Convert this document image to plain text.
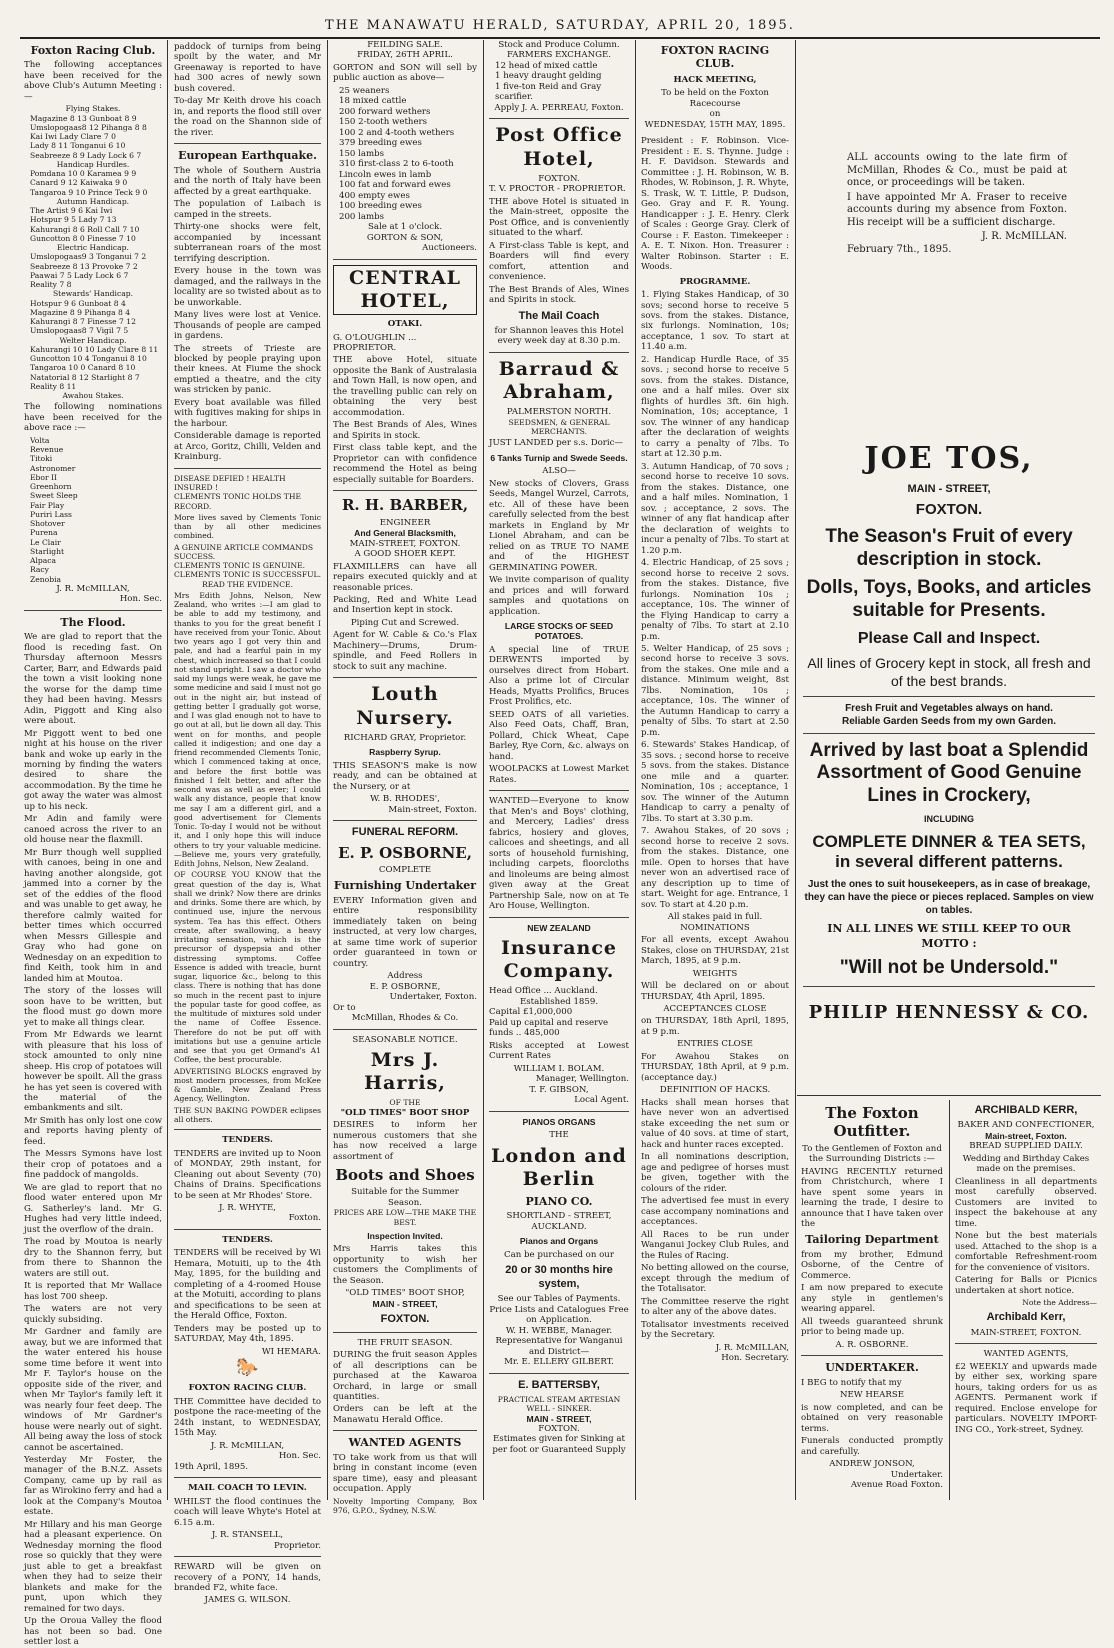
THE MANAWATU HERALD, SATURDAY, APRIL 20, 1895.
Foxton Racing Club.

The following acceptances have been received for the above Club's Autumn Meeting :—

Flying Stakes.
Magazine 8 13 Gunboat 8 9
Umslopogaas8 12 Pihanga 8 8
Kai Iwi Lady Clare 7 0
Lady 8 11 Tonganui 6 10
Seabreeze 8 9 Lady Lock 6 7
Handicap Hurdles.
Pomdana 10 0 Karamea 9 9
Canard 9 12 Kaiwaka 9 0
Tangaroa 9 10 Prince Teck 9 0
Autumn Handicap.
The Artist 9 6 Kai Iwi
Hotspur 9 5 Lady 7 13
Kahurangi 8 6 Roll Call 7 10
Guncotton 8 0 Finesse 7 10
Electric Handicap.
Umslopogaas9 3 Tonganui 7 2
Seabreeze 8 13 Provoke 7 2
Paawai 7 5 Lady Lock 6 7
Reality 7 8
Stewards' Handicap.
Hotspur 9 6 Gunboat 8 4
Magazine 8 9 Pihanga 8 4
Kahurangi 8 7 Finesse 7 12
Umslopogaas8 7 Vigil 7 5
Welter Handicap.
Kahurangi 10 10 Lady Clare 8 11
Guncotton 10 4 Tonganui 8 10
Tangaroa 10 0 Canard 8 10
Natatorial 8 12 Starlight 8 7
Reality 8 11
Awahou Stakes.

The following nominations have been received for the above race :—

Volta
Revenue
Titoki
Astronomer
Ebor II
Greenhorn
Sweet Sleep
Fair Play
Puriri Lass
Shotover
Purena
Le Clair
Starlight
Alpaca
Racy
Zenobia
J. R. McMILLAN,
Hon. Sec.
The Flood.

We are glad to report that the flood is receding fast. On Thursday afternoon Messrs Carter, Barr, and Edwards paid the town a visit looking none the worse for the damp time they had been having. Messrs Adin, Piggott and King also were about.

Mr Piggott went to bed one night at his house on the river bank and woke up early in the morning by finding the waters desired to share the accommodation. By the time he got away the water was almost up to his neck.

Mr Adin and family were canoed across the river to an old house near the flaxmill.

Mr Burr though well supplied with canoes, being in one and having another alongside, got jammed into a corner by the set of the eddies of the flood and was unable to get away, he therefore calmly waited for better times which occurred when Messrs Gillespie and Gray who had gone on Wednesday on an expedition to find Keith, took him in and landed him at Moutoa.

The story of the losses will soon have to be written, but the flood must go down more yet to make all things clear.

From Mr Edwards we learnt with pleasure that his loss of stock amounted to only nine sheep. His crop of potatoes will however be spoilt. All the grass he has yet seen is covered with the material of the embankments and silt.

Mr Smith has only lost one cow and reports having plenty of feed.

The Messrs Symons have lost their crop of potatoes and a fine paddock of mangolds.

We are glad to report that no flood water entered upon Mr G. Satherley's land. Mr G. Hughes had very little indeed, just the overflow of the drain.

The road by Moutoa is nearly dry to the Shannon ferry, but from there to Shannon the waters are still out.

It is reported that Mr Wallace has lost 700 sheep.

The waters are not very quickly subsiding.

Mr Gardner and family are away, but we are informed that the water entered his house some time before it went into Mr F. Taylor's house on the opposite side of the river, and when Mr Taylor's family left it was nearly four feet deep. The windows of Mr Gardner's house were nearly out of sight. All being away the loss of stock cannot be ascertained.

Yesterday Mr Foster, the manager of the B.N.Z. Assets Company, came up by rail as far as Wirokino ferry and had a look at the Company's Moutoa estate.

Mr Hillary and his man George had a pleasant experience. On Wednesday morning the flood rose so quickly that they were just able to get a breakfast when they had to seize their blankets and make for the punt, upon which they remained for two days.

Up the Oroua Valley the flood has not been so bad. One settler lost a

paddock of turnips from being spoilt by the water, and Mr Greenaway is reported to have had 300 acres of newly sown bush covered.

To-day Mr Keith drove his coach in, and reports the flood still over the road on the Shannon side of the river.

European Earthquake.

The whole of Southern Austria and the north of Italy have been affected by a great earthquake.

The population of Laibach is camped in the streets.

Thirty-one shocks were felt, accompanied by incessant subterranean roars of the most terrifying description.

Every house in the town was damaged, and the railways in the locality are so twisted about as to be unworkable.

Many lives were lost at Venice. Thousands of people are camped in gardens.

The streets of Trieste are blocked by people praying upon their knees. At Fiume the shock emptied a theatre, and the city was stricken by panic.

Every boat available was filled with fugitives making for ships in the harbour.

Considerable damage is reported at Arco, Goritz, Chilli, Velden and Krainburg.

DISEASE DEFIED ! HEALTH INSURED !
CLEMENTS TONIC HOLDS THE RECORD.

More lives saved by Clements Tonic than by all other medicines combined.

A GENUINE ARTICLE COMMANDS SUCCESS.
CLEMENTS TONIC IS GENUINE. CLEMENTS TONIC IS SUCCESSFUL.
READ THE EVIDENCE.

Mrs Edith Johns, Nelson, New Zealand, who writes :—I am glad to be able to add my testimony, and thanks to you for the great benefit I have received from your Tonic. About two years ago I got very thin and pale, and had a fearful pain in my chest, which increased so that I could not stand upright. I saw a doctor who said my lungs were weak, he gave me some medicine and said I must not go out in the night air, but instead of getting better I gradually got worse, and I was glad enough not to have to go out at all, but lie down all day. This went on for months, and people called it indigestion; and one day a friend recommended Clements Tonic, which I commenced taking at once, and before the first bottle was finished I felt better, and after the second was as well as ever; I could walk any distance, people that know me say I am a different girl, and a good advertisement for Clements Tonic. To-day I would not be without it, and I only hope this will induce others to try your valuable medicine.—Believe me, yours very gratefully, Edith Johns, Nelson, New Zealand.

OF COURSE YOU KNOW that the great question of the day is, What shall we drink? Now there are drinks and drinks. Some there are which, by continued use, injure the nervous system. Tea has this effect. Others create, after swallowing, a heavy irritating sensation, which is the precursor of dyspepsia and other distressing symptoms. Coffee Essence is added with treacle, burnt sugar, liquorice &c., belong to this class. There is nothing that has done so much in the recent past to injure the popular taste for good coffee, as the multitude of mixtures sold under the name of Coffee Essence. Therefore do not be put off with imitations but use a genuine article and see that you get Ormand's A1 Coffee, the best procurable.

ADVERTISING BLOCKS engraved by most modern processes, from McKee & Gamble, New Zealand Press Agency, Wellington.

THE SUN BAKING POWDER eclipses all others.

TENDERS.

TENDERS are invited up to Noon of MONDAY, 29th instant, for Cleaning out about Seventy (70) Chains of Drains. Specifications to be seen at Mr Rhodes' Store.

J. R. WHYTE,
Foxton.
TENDERS.

TENDERS will be received by Wi Hemara, Motuiti, up to the 4th May, 1895, for the building and completing of a 4-roomed House at the Motuiti, according to plans and specifications to be seen at the Herald Office, Foxton.

Tenders may be posted up to SATURDAY, May 4th, 1895.

WI HEMARA.
🐎
FOXTON RACING CLUB.

THE Committee have decided to postpone the race-meeting of the 24th instant, to WEDNESDAY, 15th May.

J. R. McMILLAN,
Hon. Sec.
19th April, 1895.
MAIL COACH TO LEVIN.

WHILST the flood continues the coach will leave Whyte's Hotel at 6.15 a.m.

J. R. STANSELL,
Proprietor.

REWARD will be given on recovery of a PONY, 14 hands, branded F2, white face.

JAMES G. WILSON.
FEILDING SALE.
FRIDAY, 26TH APRIL.

GORTON and SON will sell by public auction as above—

25 weaners
18 mixed cattle
200 forward wethers
150 2-tooth wethers
100 2 and 4-tooth wethers
379 breeding ewes
150 lambs
310 first-class 2 to 6-tooth Lincoln ewes in lamb
100 fat and forward ewes
400 empty ewes
100 breeding ewes
200 lambs
Sale at 1 o'clock.
GORTON & SON,
Auctioneers.
CENTRAL HOTEL,
OTAKI.
G. O'LOUGHLIN ... PROPRIETOR.

THE above Hotel, situate opposite the Bank of Australasia and Town Hall, is now open, and the travelling public can rely on obtaining the very best accommodation.

The Best Brands of Ales, Wines and Spirits in stock.

First class table kept, and the Proprietor can with confidence recommend the Hotel as being especially suitable for Boarders.

R. H. BARBER,
ENGINEER
And General Blacksmith,
MAIN-STREET, FOXTON.
A GOOD SHOER KEPT.

FLAXMILLERS can have all repairs executed quickly and at reasonable prices.

Packing, Red and White Lead and Insertion kept in stock.

Piping Cut and Screwed.

Agent for W. Cable & Co.'s Flax Machinery—Drums, Drum-spindle, and Feed Rollers in stock to suit any machine.

Louth Nursery.
RICHARD GRAY, Proprietor.
Raspberry Syrup.

THIS SEASON'S make is now ready, and can be obtained at the Nursery, or at

W. B. RHODES',
Main-street, Foxton.
FUNERAL REFORM.
E. P. OSBORNE,
COMPLETE
Furnishing Undertaker

EVERY Information given and entire responsibility immediately taken on being instructed, at very low charges, at same time work of superior order guaranteed in town or country.

Address
E. P. OSBORNE,
Undertaker, Foxton.
Or to
McMillan, Rhodes & Co.
SEASONABLE NOTICE.
Mrs J. Harris,
OF THE
"OLD TIMES" BOOT SHOP

DESIRES to inform her numerous customers that she has now received a large assortment of

Boots and Shoes
Suitable for the Summer Season.
PRICES ARE LOW—THE MAKE THE BEST.
Inspection Invited.

Mrs Harris takes this opportunity to wish her customers the Compliments of the Season.

"OLD TIMES" BOOT SHOP,
MAIN - STREET,
FOXTON.
THE FRUIT SEASON.

DURING the fruit season Apples of all descriptions can be purchased at the Kawaroa Orchard, in large or small quantities.

Orders can be left at the Manawatu Herald Office.

WANTED AGENTS

TO take work from us that will bring in constant income (even spare time), easy and pleasant occupation. Apply

Novelty Importing Company, Box 976, G.P.O., Sydney, N.S.W.

Stock and Produce Column.
FARMERS EXCHANGE.
12 head of mixed cattle
1 heavy draught gelding
1 five-ton Reid and Gray scarifier.
Apply J. A. PERREAU, Foxton.
Post Office Hotel,
FOXTON.
T. V. PROCTOR - PROPRIETOR.

THE above Hotel is situated in the Main-street, opposite the Post Office, and is conveniently situated to the wharf.

A First-class Table is kept, and Boarders will find every comfort, attention and convenience.

The Best Brands of Ales, Wines and Spirits in stock.

The Mail Coach
for Shannon leaves this Hotel every week day at 8.30 p.m.
Barraud & Abraham,
PALMERSTON NORTH.
SEEDSMEN, & GENERAL MERCHANTS.

JUST LANDED per s.s. Doric—

6 Tanks Turnip and Swede Seeds.
ALSO—

New stocks of Clovers, Grass Seeds, Mangel Wurzel, Carrots, etc. All of these have been carefully selected from the best markets in England by Mr Lionel Abraham, and can be relied on as TRUE TO NAME and of the HIGHEST GERMINATING POWER.

We invite comparison of quality and prices and will forward samples and quotations on application.

LARGE STOCKS OF SEED POTATOES.

A special line of TRUE DERWENTS imported by ourselves direct from Hobart. Also a prime lot of Circular Heads, Myatts Prolifics, Bruces Frost Prolifics, etc.

SEED OATS of all varieties. Also Feed Oats, Chaff, Bran, Pollard, Chick Wheat, Cape Barley, Rye Corn, &c. always on hand.

WOOLPACKS at Lowest Market Rates.

WANTED—Everyone to know that Men's and Boys' clothing, and Mercery, Ladies' dress fabrics, hosiery and gloves, calicoes and sheetings, and all sorts of household furnishing, including carpets, floorcloths and linoleums are being almost given away at the Great Partnership Sale, now on at Te Aro House, Wellington.

NEW ZEALAND
Insurance Company.
Head Office ... Auckland.
Established 1859.
Capital £1,000,000
Paid up capital and reserve funds .. 485,000

Risks accepted at Lowest Current Rates

WILLIAM I. BOLAM.
Manager, Wellington.
T. F. GIBSON,
Local Agent.
PIANOS ORGANS
THE
London and Berlin
PIANO CO.
SHORTLAND - STREET,
AUCKLAND.
Pianos and Organs
Can be purchased on our
20 or 30 months hire system,
See our Tables of Payments.
Price Lists and Catalogues Free on Application.
W. H. WEBBE, Manager.
Representative for Wanganui and District—
Mr. E. ELLERY GILBERT.
E. BATTERSBY,
PRACTICAL STEAM ARTESIAN WELL - SINKER.
MAIN - STREET,
FOXTON.
Estimates given for Sinking at per foot or Guaranteed Supply
FOXTON RACING CLUB.
HACK MEETING,
To be held on the Foxton Racecourse
on
WEDNESDAY, 15TH MAY, 1895.

President : F. Robinson. Vice-President : E. S. Thynne. Judge : H. F. Davidson. Stewards and Committee : J. H. Robinson, W. B. Rhodes, W. Robinson, J. R. Whyte, S. Trask, W. T. Little, P. Dudson, Geo. Gray and F. R. Young. Handicapper : J. E. Henry. Clerk of Scales : George Gray. Clerk of Course : F. Easton. Timekeeper : A. E. T. Nixon. Hon. Treasurer : Walter Robinson. Starter : E. Woods.

PROGRAMME.

1. Flying Stakes Handicap, of 30 sovs; second horse to receive 5 sovs. from the stakes. Distance, six furlongs. Nomination, 10s; acceptance, 1 sov. To start at 11.40 a.m.

2. Handicap Hurdle Race, of 35 sovs. ; second horse to receive 5 sovs. from the stakes. Distance, one and a half miles. Over six flights of hurdles 3ft. 6in high. Nomination, 10s; acceptance, 1 sov. The winner of any handicap after the declaration of weights to carry a penalty of 7lbs. To start at 12.30 p.m.

3. Autumn Handicap, of 70 sovs ; second horse to receive 10 sovs. from the stakes. Distance, one and a half miles. Nomination, 1 sov. ; acceptance, 2 sovs. The winner of any flat handicap after the declaration of weights to incur a penalty of 7lbs. To start at 1.20 p.m.

4. Electric Handicap, of 25 sovs ; second horse to receive 2 sovs. from the stakes. Distance, five furlongs. Nomination 10s ; acceptance, 10s. The winner of the Flying Handicap to carry a penalty of 7lbs. To start at 2.10 p.m.

5. Welter Handicap, of 25 sovs ; second horse to receive 3 sovs. from the stakes. One mile and a distance. Minimum weight, 8st 7lbs. Nomination, 10s ; acceptance, 10s. The winner of the Autumn Handicap to carry a penalty of 5lbs. To start at 2.50 p.m.

6. Stewards' Stakes Handicap, of 35 sovs. ; second horse to receive 5 sovs. from the stakes. Distance one mile and a quarter. Nomination, 10s ; acceptance, 1 sov. The winner of the Autumn Handicap to carry a penalty of 7lbs. To start at 3.30 p.m.

7. Awahou Stakes, of 20 sovs ; second horse to receive 2 sovs. from the stakes. Distance, one mile. Open to horses that have never won an advertised race of any description up to time of start. Weight for age. Entrance, 1 sov. To start at 4.20 p.m.

All stakes paid in full.
NOMINATIONS

For all events, except Awahou Stakes, close on THURSDAY, 21st March, 1895, at 9 p.m.

WEIGHTS

Will be declared on or about THURSDAY, 4th April, 1895.

ACCEPTANCES CLOSE

on THURSDAY, 18th April, 1895, at 9 p.m.

ENTRIES CLOSE

For Awahou Stakes on THURSDAY, 18th April, at 9 p.m. (acceptance day.)

DEFINITION OF HACKS.

Hacks shall mean horses that have never won an advertised stake exceeding the net sum or value of 40 sovs. at time of start, hack and hunter races excepted.

In all nominations description, age and pedigree of horses must be given, together with the colours of the rider.

The advertised fee must in every case accompany nominations and acceptances.

All Races to be run under Wanganui Jockey Club Rules, and the Rules of Racing.

No betting allowed on the course, except through the medium of the Totalisator.

The Committee reserve the right to alter any of the above dates.

Totalisator investments received by the Secretary.

J. R. McMILLAN,
Hon. Secretary.

ALL accounts owing to the late firm of McMillan, Rhodes & Co., must be paid at once, or proceedings will be taken.

I have appointed Mr A. Fraser to receive accounts during my absence from Foxton. His receipt will be a sufficient discharge.

J. R. McMILLAN.
February 7th., 1895.
JOE TOS,
MAIN - STREET,
FOXTON.
The Season's Fruit of every description in stock.
Dolls, Toys, Books, and articles suitable for Presents.
Please Call and Inspect.
All lines of Grocery kept in stock, all fresh and of the best brands.
Fresh Fruit and Vegetables always on hand.
Reliable Garden Seeds from my own Garden.
Arrived by last boat a Splendid Assortment of Good Genuine Lines in Crockery,
INCLUDING
COMPLETE DINNER & TEA SETS, in several different patterns.
Just the ones to suit housekeepers, as in case of breakage, they can have the piece or pieces replaced. Samples on view on tables.
IN ALL LINES WE STILL KEEP TO OUR MOTTO :
"Will not be Undersold."
PHILIP HENNESSY & CO.
The Foxton Outfitter.
To the Gentlemen of Foxton and the Surrounding Districts :—

HAVING RECENTLY returned from Christchurch, where I have spent some years in learning the trade, I desire to announce that I have taken over the

Tailoring Department

from my brother, Edmund Osborne, of the Centre of Commerce.

I am now prepared to execute any style in gentlemen's wearing apparel.

All tweeds guaranteed shrunk prior to being made up.

A. R. OSBORNE.
UNDERTAKER.

I BEG to notify that my

NEW HEARSE

is now completed, and can be obtained on very reasonable terms.

Funerals conducted promptly and carefully.

ANDREW JONSON,
Undertaker.
Avenue Road Foxton.
ARCHIBALD KERR,
BAKER AND CONFECTIONER,
Main-street, Foxton.
BREAD SUPPLIED DAILY.

Wedding and Birthday Cakes made on the premises.

Cleanliness in all departments most carefully observed. Customers are invited to inspect the bakehouse at any time.

None but the best materials used. Attached to the shop is a comfortable Refreshment-room for the convenience of visitors.

Catering for Balls or Picnics undertaken at short notice.

Note the Address—
Archibald Kerr,
MAIN-STREET, FOXTON.
WANTED AGENTS,

£2 WEEKLY and upwards made by either sex, working spare hours, taking orders for us as AGENTS. Permanent work if required. Enclose envelope for particulars. NOVELTY IMPORT-ING CO., York-street, Sydney.
